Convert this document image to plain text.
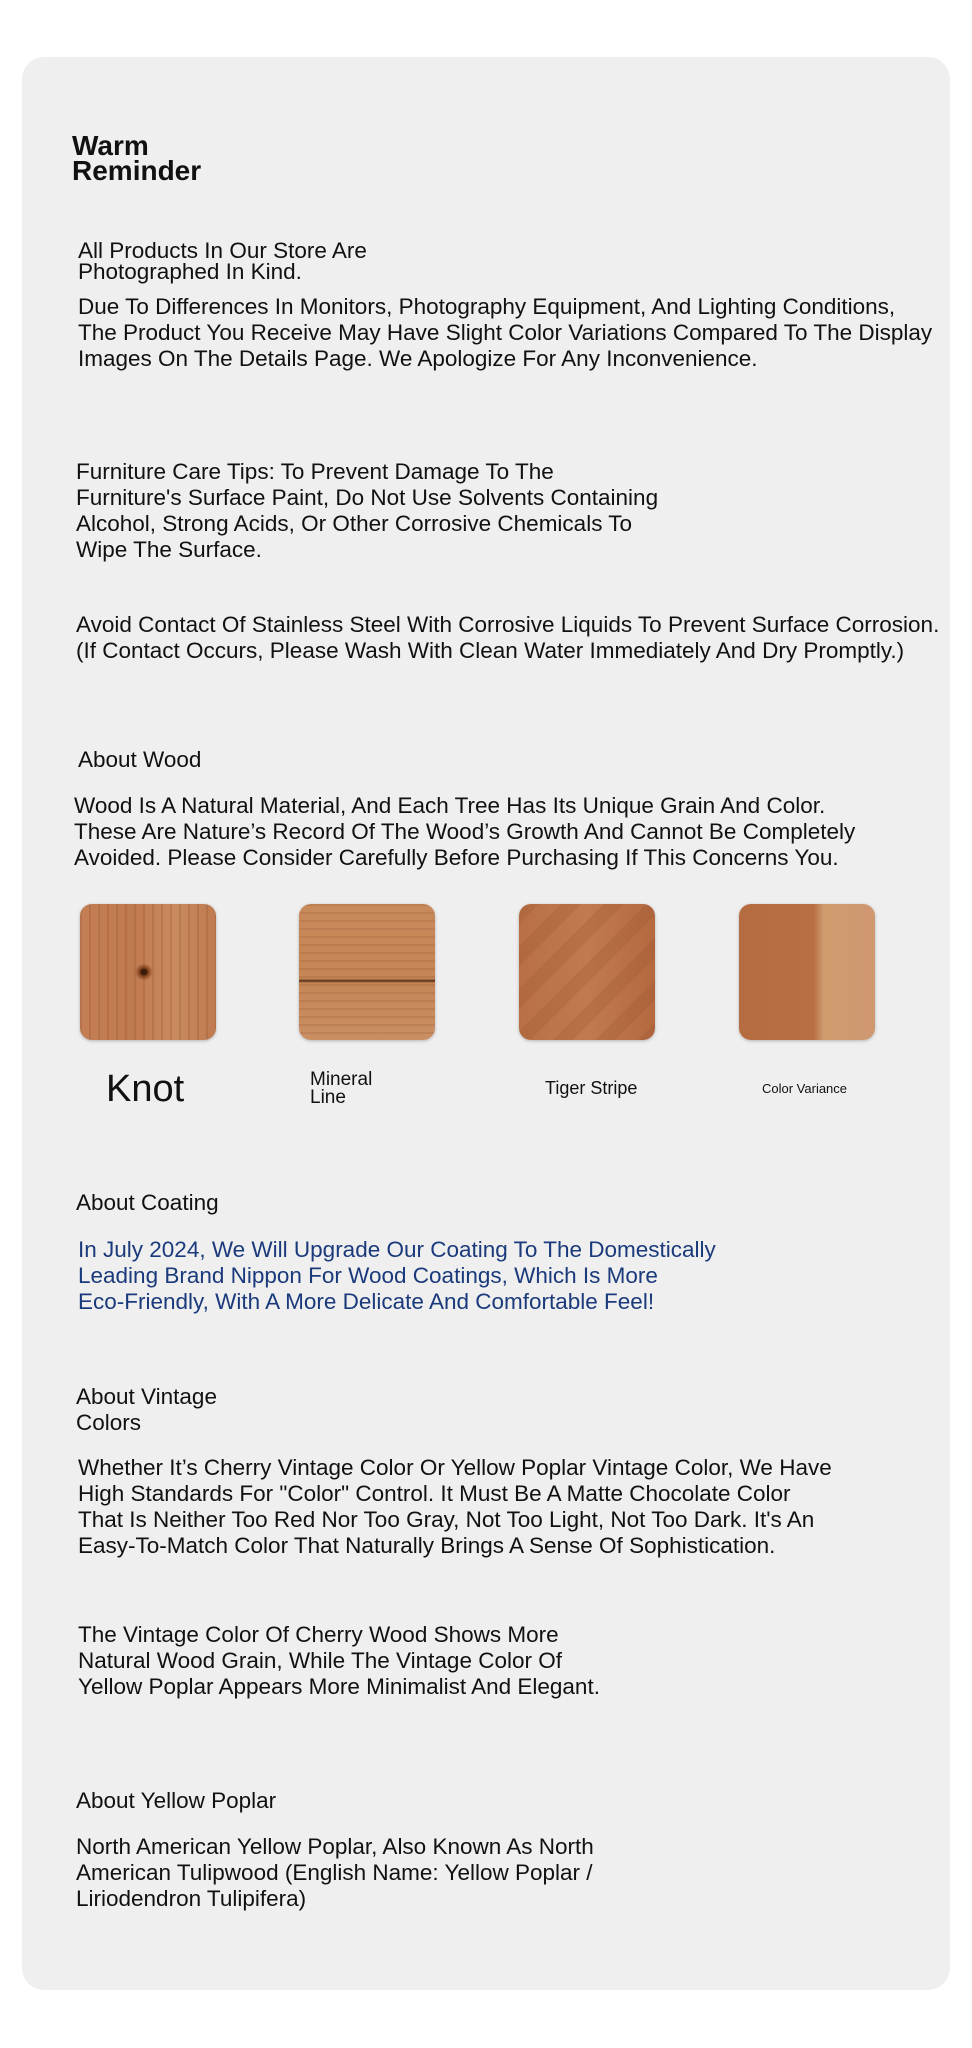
Warm
Reminder
All Products In Our Store Are Photographed In Kind.
Due To Differences In Monitors, Photography Equipment, And Lighting Conditions,
The Product You Receive May Have Slight Color Variations Compared To The Display
Images On The Details Page. We Apologize For Any Inconvenience.
Furniture Care Tips: To Prevent Damage To The
Furniture's Surface Paint, Do Not Use Solvents Containing
Alcohol, Strong Acids, Or Other Corrosive Chemicals To
Wipe The Surface.
Avoid Contact Of Stainless Steel With Corrosive Liquids To Prevent Surface Corrosion.
(If Contact Occurs, Please Wash With Clean Water Immediately And Dry Promptly.)
About Wood
Wood Is A Natural Material, And Each Tree Has Its Unique Grain And Color.
These Are Nature’s Record Of The Wood’s Growth And Cannot Be Completely
Avoided. Please Consider Carefully Before Purchasing If This Concerns You.
Knot	Mineral
Line	Tiger Stripe	Color Variance
About Coating
In July 2024, We Will Upgrade Our Coating To The Domestically
Leading Brand Nippon For Wood Coatings, Which Is More
Eco-Friendly, With A More Delicate And Comfortable Feel!
About Vintage
Colors
Whether It’s Cherry Vintage Color Or Yellow Poplar Vintage Color, We Have
High Standards For "Color" Control. It Must Be A Matte Chocolate Color
That Is Neither Too Red Nor Too Gray, Not Too Light, Not Too Dark. It's An
Easy-To-Match Color That Naturally Brings A Sense Of Sophistication.
The Vintage Color Of Cherry Wood Shows More
Natural Wood Grain, While The Vintage Color Of
Yellow Poplar Appears More Minimalist And Elegant.
About Yellow Poplar
North American Yellow Poplar, Also Known As North
American Tulipwood (English Name: Yellow Poplar /
Liriodendron Tulipifera)
